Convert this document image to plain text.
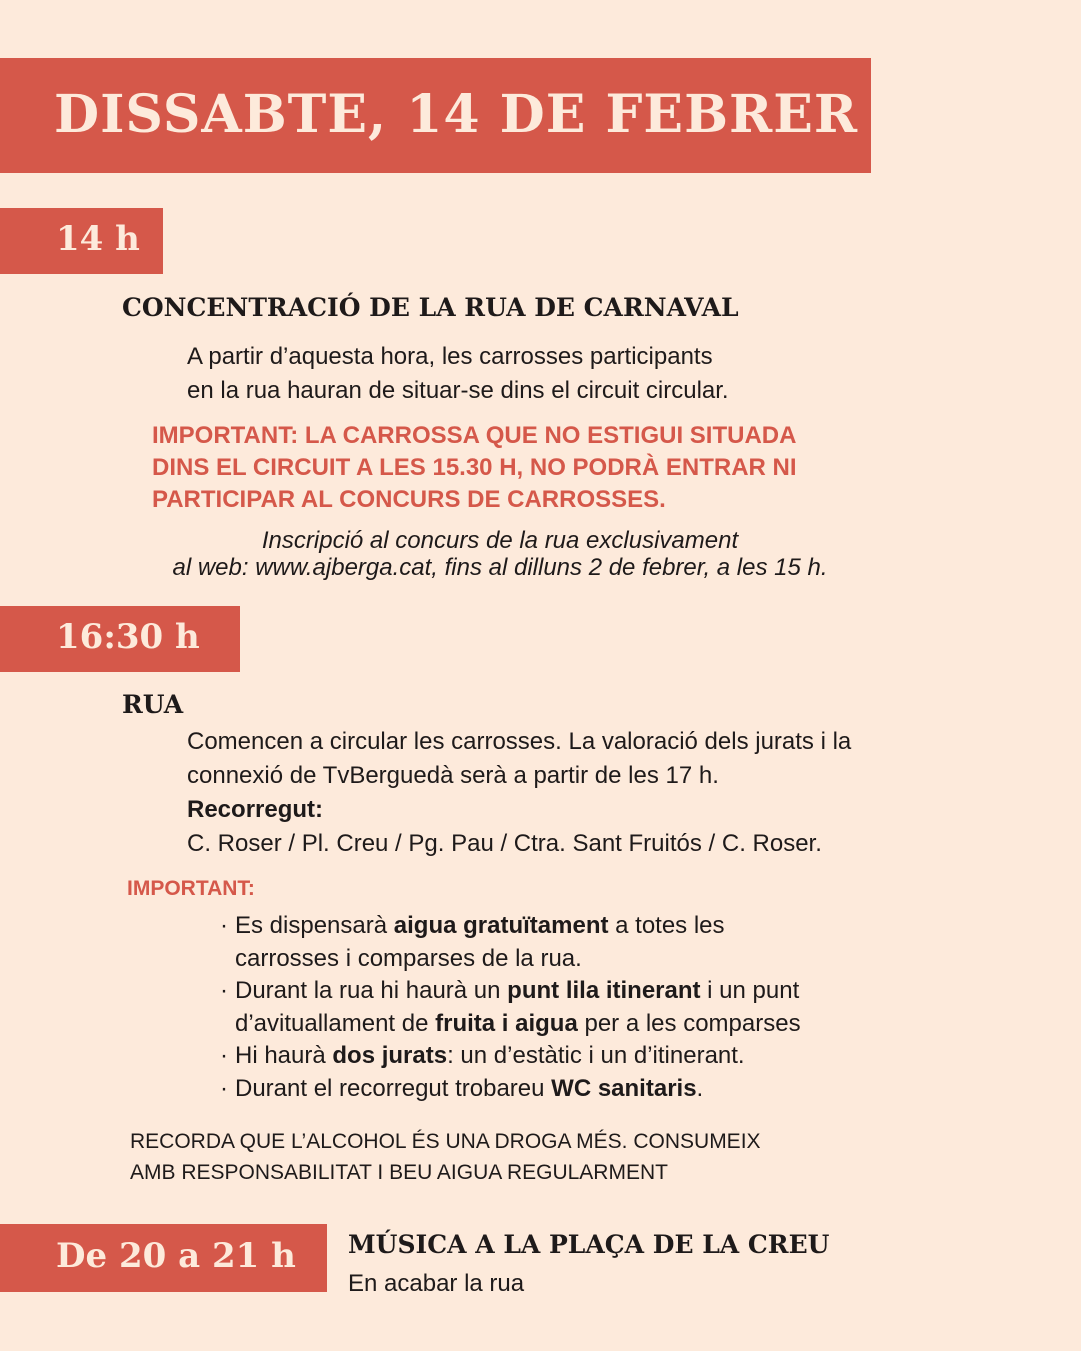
DISSABTE, 14 DE FEBRER
14 h
CONCENTRACIÓ DE LA RUA DE CARNAVAL
A partir d’aquesta hora, les carrosses participants
en la rua hauran de situar-se dins el circuit circular.
IMPORTANT: LA CARROSSA QUE NO ESTIGUI SITUADA
DINS EL CIRCUIT A LES 15.30 H, NO PODRÀ ENTRAR NI
PARTICIPAR AL CONCURS DE CARROSSES.
Inscripció al concurs de la rua exclusivament
al web: www.ajberga.cat, fins al dilluns 2 de febrer, a les 15 h.
16:30 h
RUA
Comencen a circular les carrosses. La valoració dels jurats i la
connexió de TvBerguedà serà a partir de les 17 h.
Recorregut:
C. Roser / Pl. Creu / Pg. Pau / Ctra. Sant Fruitós / C. Roser.
IMPORTANT:
· Es dispensarà aigua gratuïtament a totes les
carrosses i comparses de la rua.
· Durant la rua hi haurà un punt lila itinerant i un punt
d’avituallament de fruita i aigua per a les comparses
· Hi haurà dos jurats: un d’estàtic i un d’itinerant.
· Durant el recorregut trobareu WC sanitaris.
RECORDA QUE L’ALCOHOL ÉS UNA DROGA MÉS. CONSUMEIX
AMB RESPONSABILITAT I BEU AIGUA REGULARMENT
De 20 a 21 h	MÚSICA A LA PLAÇA DE LA CREU
En acabar la rua
